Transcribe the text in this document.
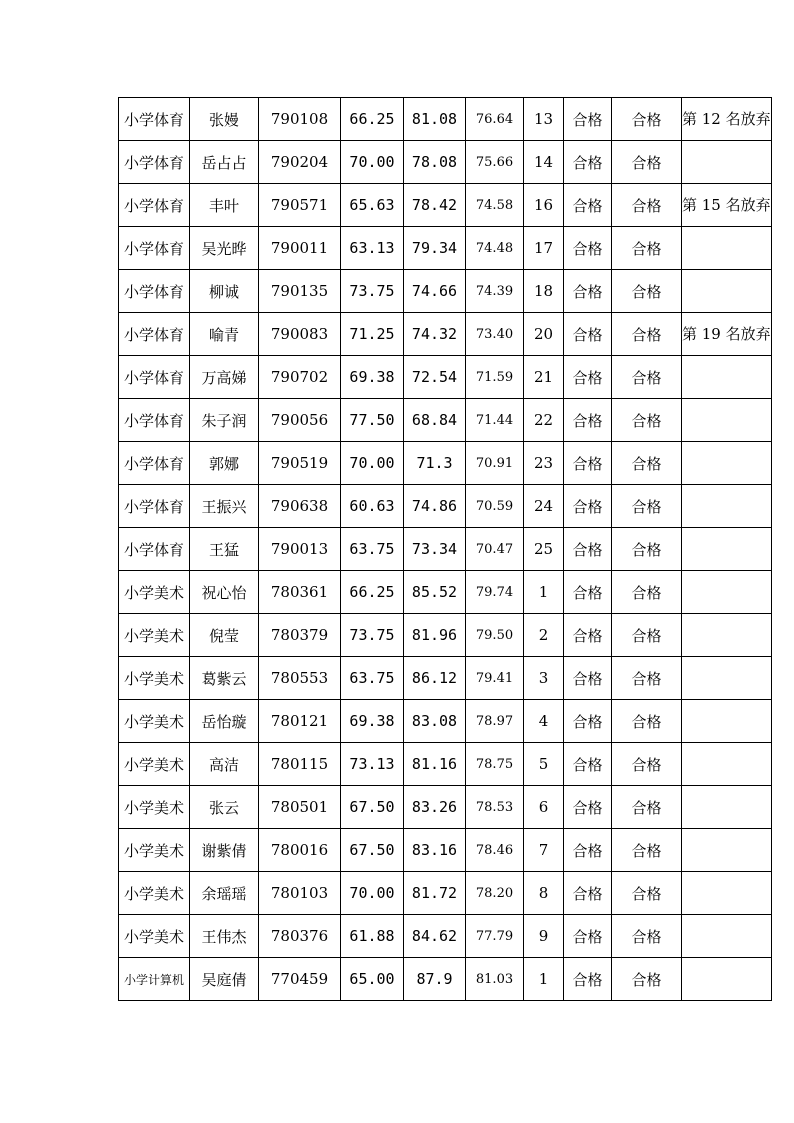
小学体育	张嫚	790108	66.25	81.08	76.64	13	合格	合格	第 12 名放弃
小学体育	岳占占	790204	70.00	78.08	75.66	14	合格	合格	
小学体育	丰叶	790571	65.63	78.42	74.58	16	合格	合格	第 15 名放弃
小学体育	吴光晔	790011	63.13	79.34	74.48	17	合格	合格	
小学体育	柳诚	790135	73.75	74.66	74.39	18	合格	合格	
小学体育	喻青	790083	71.25	74.32	73.40	20	合格	合格	第 19 名放弃
小学体育	万高娣	790702	69.38	72.54	71.59	21	合格	合格	
小学体育	朱子润	790056	77.50	68.84	71.44	22	合格	合格	
小学体育	郭娜	790519	70.00	71.3	70.91	23	合格	合格	
小学体育	王振兴	790638	60.63	74.86	70.59	24	合格	合格	
小学体育	王猛	790013	63.75	73.34	70.47	25	合格	合格	
小学美术	祝心怡	780361	66.25	85.52	79.74	1	合格	合格	
小学美术	倪莹	780379	73.75	81.96	79.50	2	合格	合格	
小学美术	葛紫云	780553	63.75	86.12	79.41	3	合格	合格	
小学美术	岳怡璇	780121	69.38	83.08	78.97	4	合格	合格	
小学美术	高洁	780115	73.13	81.16	78.75	5	合格	合格	
小学美术	张云	780501	67.50	83.26	78.53	6	合格	合格	
小学美术	谢紫倩	780016	67.50	83.16	78.46	7	合格	合格	
小学美术	余瑶瑶	780103	70.00	81.72	78.20	8	合格	合格	
小学美术	王伟杰	780376	61.88	84.62	77.79	9	合格	合格	
小学计算机	吴庭倩	770459	65.00	87.9	81.03	1	合格	合格	
